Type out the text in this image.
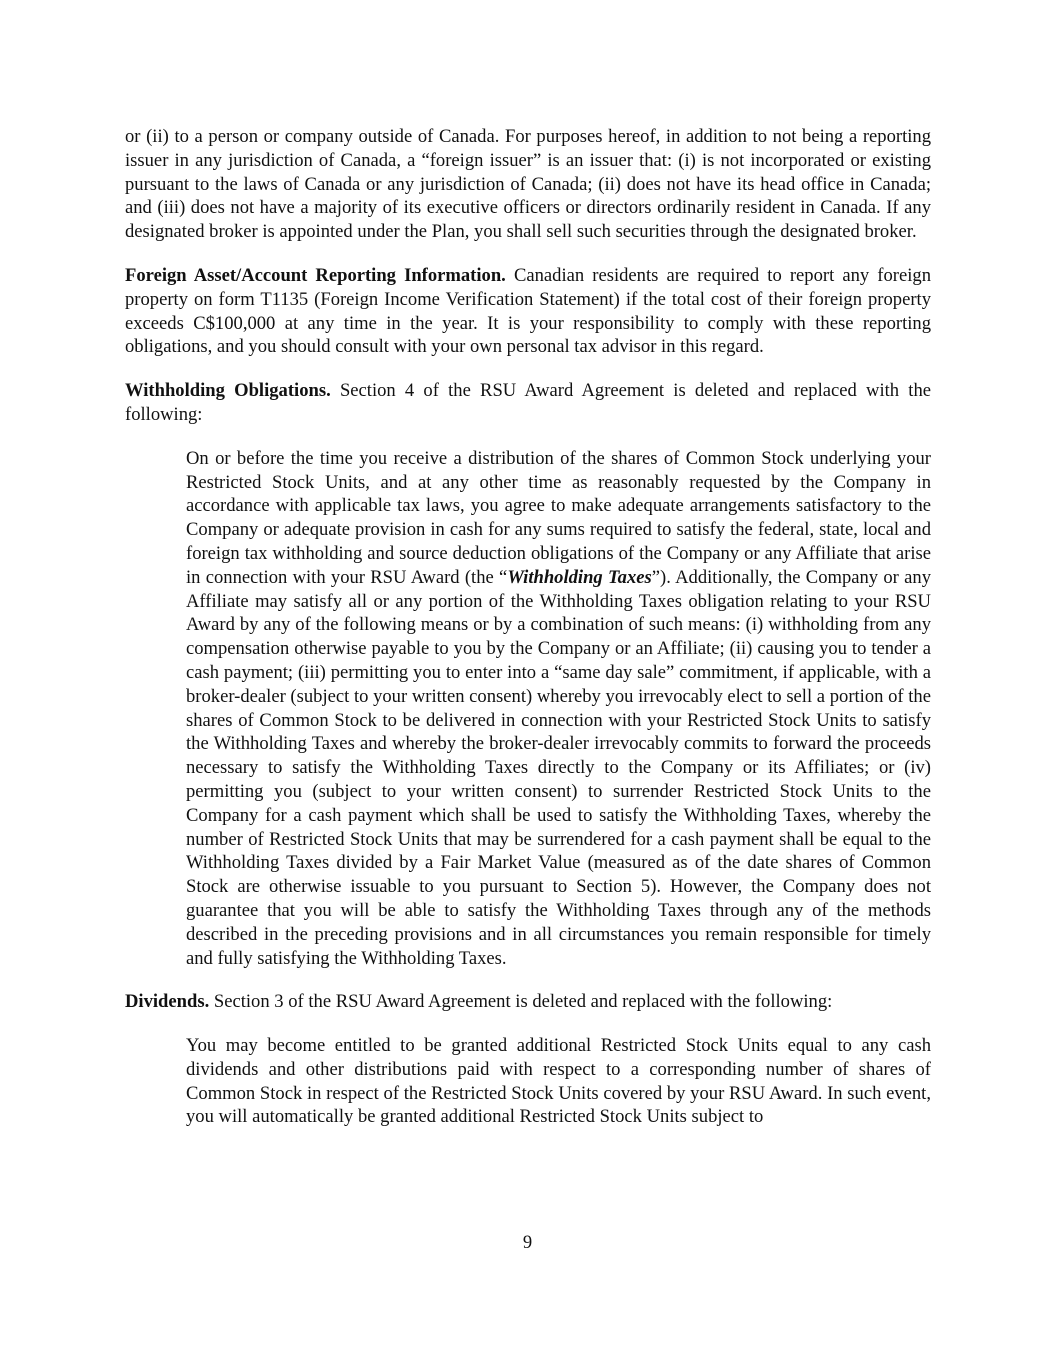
or (ii) to a person or company outside of Canada. For purposes hereof, in addition to not being a reporting issuer in any jurisdiction of Canada, a “foreign issuer” is an issuer that: (i) is not incorporated or existing pursuant to the laws of Canada or any jurisdiction of Canada; (ii) does not have its head office in Canada; and (iii) does not have a majority of its executive officers or directors ordinarily resident in Canada. If any designated broker is appointed under the Plan, you shall sell such securities through the designated broker.

Foreign Asset/Account Reporting Information. Canadian residents are required to report any foreign property on form T1135 (Foreign Income Verification Statement) if the total cost of their foreign property exceeds C$100,000 at any time in the year. It is your responsibility to comply with these reporting obligations, and you should consult with your own personal tax advisor in this regard.

Withholding Obligations. Section 4 of the RSU Award Agreement is deleted and replaced with the following:

On or before the time you receive a distribution of the shares of Common Stock underlying your Restricted Stock Units, and at any other time as reasonably requested by the Company in accordance with applicable tax laws, you agree to make adequate arrangements satisfactory to the Company or adequate provision in cash for any sums required to satisfy the federal, state, local and foreign tax withholding and source deduction obligations of the Company or any Affiliate that arise in connection with your RSU Award (the “Withholding Taxes”). Additionally, the Company or any Affiliate may satisfy all or any portion of the Withholding Taxes obligation relating to your RSU Award by any of the following means or by a combination of such means: (i) withholding from any compensation otherwise payable to you by the Company or an Affiliate; (ii) causing you to tender a cash payment; (iii) permitting you to enter into a “same day sale” commitment, if applicable, with a broker-dealer (subject to your written consent) whereby you irrevocably elect to sell a portion of the shares of Common Stock to be delivered in connection with your Restricted Stock Units to satisfy the Withholding Taxes and whereby the broker-dealer irrevocably commits to forward the proceeds necessary to satisfy the Withholding Taxes directly to the Company or its Affiliates; or (iv) permitting you (subject to your written consent) to surrender Restricted Stock Units to the Company for a cash payment which shall be used to satisfy the Withholding Taxes, whereby the number of Restricted Stock Units that may be surrendered for a cash payment shall be equal to the Withholding Taxes divided by a Fair Market Value (measured as of the date shares of Common Stock are otherwise issuable to you pursuant to Section 5). However, the Company does not guarantee that you will be able to satisfy the Withholding Taxes through any of the methods described in the preceding provisions and in all circumstances you remain responsible for timely and fully satisfying the Withholding Taxes.

Dividends. Section 3 of the RSU Award Agreement is deleted and replaced with the following:

You may become entitled to be granted additional Restricted Stock Units equal to any cash dividends and other distributions paid with respect to a corresponding number of shares of Common Stock in respect of the Restricted Stock Units covered by your RSU Award. In such event, you will automatically be granted additional Restricted Stock Units subject to

9
